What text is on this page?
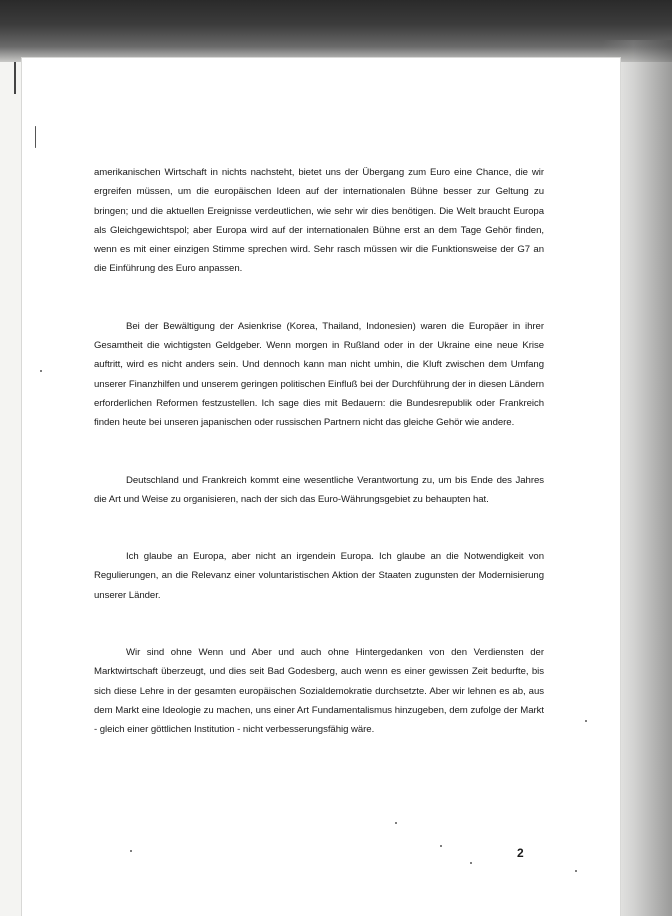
amerikanischen Wirtschaft in nichts nachsteht, bietet uns der Übergang zum Euro eine Chance, die wir ergreifen müssen, um die europäischen Ideen auf der internationalen Bühne besser zur Geltung zu bringen; und die aktuellen Ereignisse verdeutlichen, wie sehr wir dies benötigen. Die Welt braucht Europa als Gleichgewichtspol; aber Europa wird auf der internationalen Bühne erst an dem Tage Gehör finden, wenn es mit einer einzigen Stimme sprechen wird. Sehr rasch müssen wir die Funktionsweise der G7 an die Einführung des Euro anpassen.

Bei der Bewältigung der Asienkrise (Korea, Thailand, Indonesien) waren die Europäer in ihrer Gesamtheit die wichtigsten Geldgeber. Wenn morgen in Rußland oder in der Ukraine eine neue Krise auftritt, wird es nicht anders sein. Und dennoch kann man nicht umhin, die Kluft zwischen dem Umfang unserer Finanzhilfen und unserem geringen politischen Einfluß bei der Durchführung der in diesen Ländern erforderlichen Reformen festzustellen. Ich sage dies mit Bedauern: die Bundesrepublik oder Frankreich finden heute bei unseren japanischen oder russischen Partnern nicht das gleiche Gehör wie andere.

Deutschland und Frankreich kommt eine wesentliche Verantwortung zu, um bis Ende des Jahres die Art und Weise zu organisieren, nach der sich das Euro-Währungsgebiet zu behaupten hat.

Ich glaube an Europa, aber nicht an irgendein Europa. Ich glaube an die Notwendigkeit von Regulierungen, an die Relevanz einer voluntaristischen Aktion der Staaten zugunsten der Modernisierung unserer Länder.

Wir sind ohne Wenn und Aber und auch ohne Hintergedanken von den Verdiensten der Marktwirtschaft überzeugt, und dies seit Bad Godesberg, auch wenn es einer gewissen Zeit bedurfte, bis sich diese Lehre in der gesamten europäischen Sozialdemokratie durchsetzte. Aber wir lehnen es ab, aus dem Markt eine Ideologie zu machen, uns einer Art Fundamentalismus hinzugeben, dem zufolge der Markt - gleich einer göttlichen Institution - nicht verbesserungsfähig wäre.

2
